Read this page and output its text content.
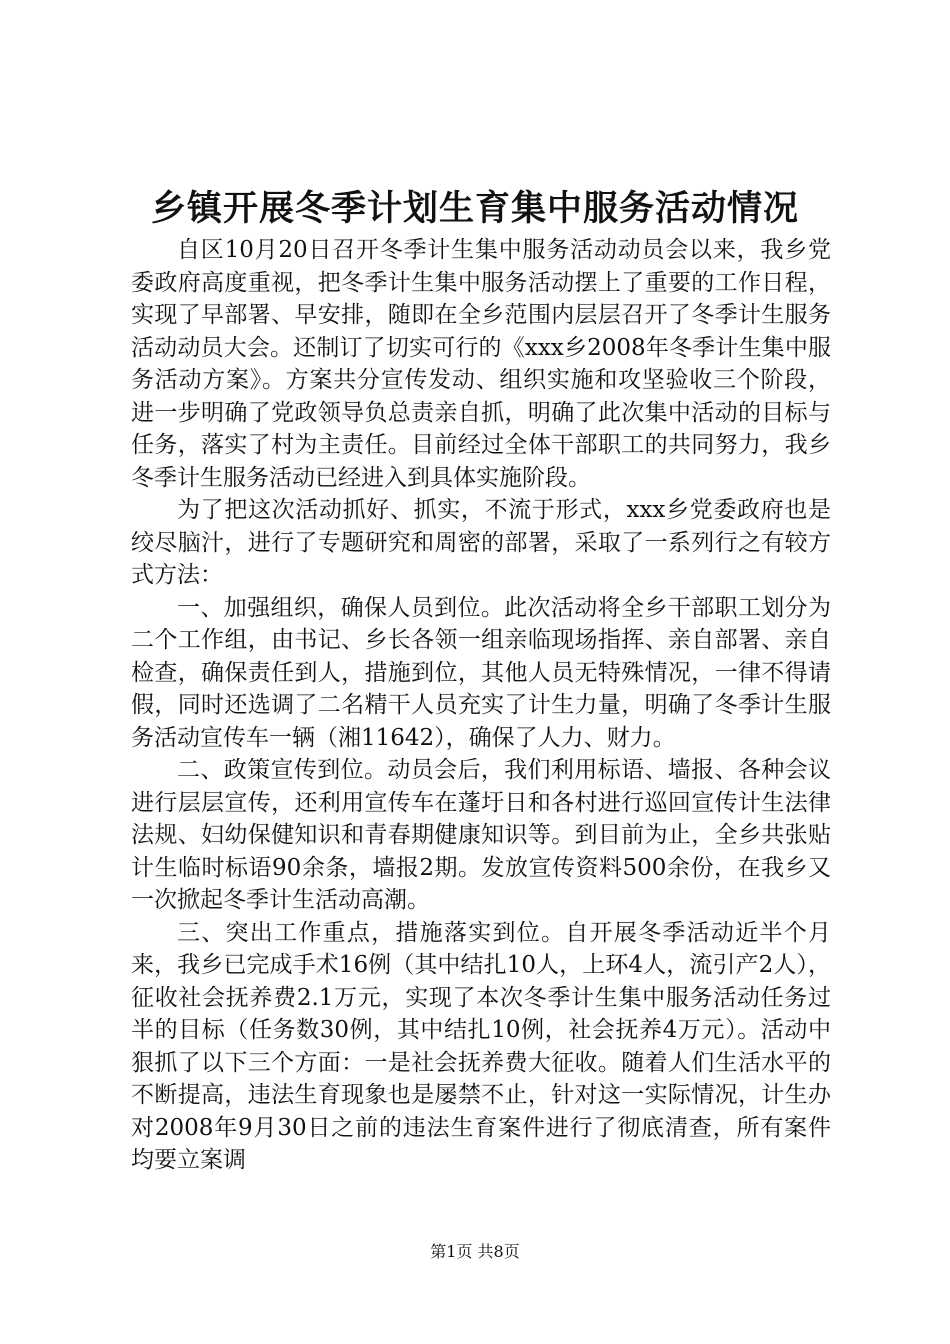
乡镇开展冬季计划生育集中服务活动情况

自区10月20日召开冬季计生集中服务活动动员会以来，我乡党委政府高度重视，把冬季计生集中服务活动摆上了重要的工作日程，实现了早部署、早安排，随即在全乡范围内层层召开了冬季计生服务活动动员大会。还制订了切实可行的《xxx乡2008年冬季计生集中服务活动方案》。方案共分宣传发动、组织实施和攻坚验收三个阶段，进一步明确了党政领导负总责亲自抓，明确了此次集中活动的目标与任务，落实了村为主责任。目前经过全体干部职工的共同努力，我乡冬季计生服务活动已经进入到具体实施阶段。

为了把这次活动抓好、抓实，不流于形式，xxx乡党委政府也是绞尽脑汁，进行了专题研究和周密的部署，采取了一系列行之有较方式方法：

一、加强组织，确保人员到位。此次活动将全乡干部职工划分为二个工作组，由书记、乡长各领一组亲临现场指挥、亲自部署、亲自检查，确保责任到人，措施到位，其他人员无特殊情况，一律不得请假，同时还选调了二名精干人员充实了计生力量，明确了冬季计生服务活动宣传车一辆（湘11642），确保了人力、财力。

二、政策宣传到位。动员会后，我们利用标语、墙报、各种会议进行层层宣传，还利用宣传车在蓬圩日和各村进行巡回宣传计生法律法规、妇幼保健知识和青春期健康知识等。到目前为止，全乡共张贴计生临时标语90余条，墙报2期。发放宣传资料500余份，在我乡又一次掀起冬季计生活动高潮。

三、突出工作重点，措施落实到位。自开展冬季活动近半个月来，我乡已完成手术16例（其中结扎10人，上环4人，流引产2人），征收社会抚养费2.1万元，实现了本次冬季计生集中服务活动任务过半的目标（任务数30例，其中结扎10例，社会抚养4万元）。活动中狠抓了以下三个方面：一是社会抚养费大征收。随着人们生活水平的不断提高，违法生育现象也是屡禁不止，针对这一实际情况，计生办对2008年9月30日之前的违法生育案件进行了彻底清查，所有案件均要立案调

第1页 共8页
